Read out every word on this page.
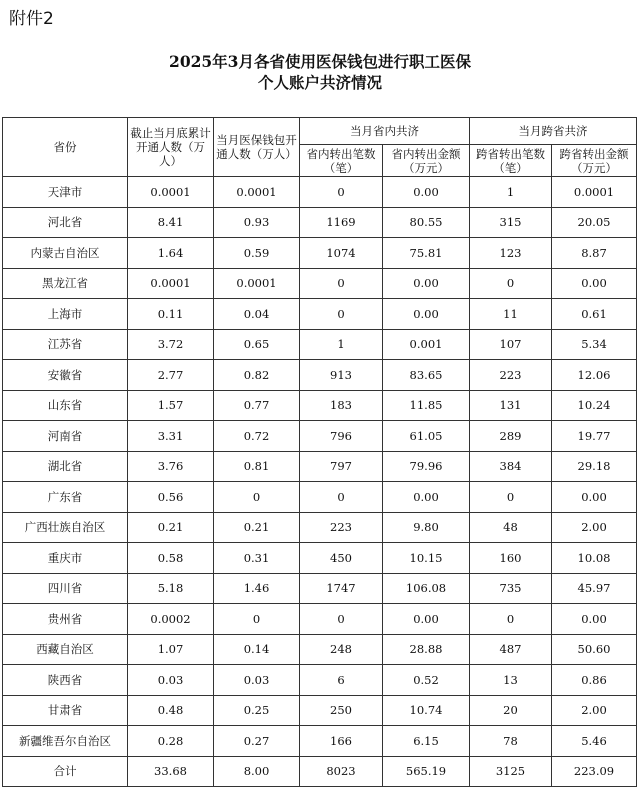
附件2
2025年3月各省使用医保钱包进行职工医保
个人账户共济情况
省份	截止当月底累计开通人数（万人）	当月医保钱包开通人数（万人）	当月省内共济		当月跨省共济	
			省内转出笔数（笔）	省内转出金额（万元）	跨省转出笔数（笔）	跨省转出金额（万元）
天津市	0.0001	0.0001	0	0.00	1	0.0001
河北省	8.41	0.93	1169	80.55	315	20.05
内蒙古自治区	1.64	0.59	1074	75.81	123	8.87
黑龙江省	0.0001	0.0001	0	0.00	0	0.00
上海市	0.11	0.04	0	0.00	11	0.61
江苏省	3.72	0.65	1	0.001	107	5.34
安徽省	2.77	0.82	913	83.65	223	12.06
山东省	1.57	0.77	183	11.85	131	10.24
河南省	3.31	0.72	796	61.05	289	19.77
湖北省	3.76	0.81	797	79.96	384	29.18
广东省	0.56	0	0	0.00	0	0.00
广西壮族自治区	0.21	0.21	223	9.80	48	2.00
重庆市	0.58	0.31	450	10.15	160	10.08
四川省	5.18	1.46	1747	106.08	735	45.97
贵州省	0.0002	0	0	0.00	0	0.00
西藏自治区	1.07	0.14	248	28.88	487	50.60
陕西省	0.03	0.03	6	0.52	13	0.86
甘肃省	0.48	0.25	250	10.74	20	2.00
新疆维吾尔自治区	0.28	0.27	166	6.15	78	5.46
合计	33.68	8.00	8023	565.19	3125	223.09
